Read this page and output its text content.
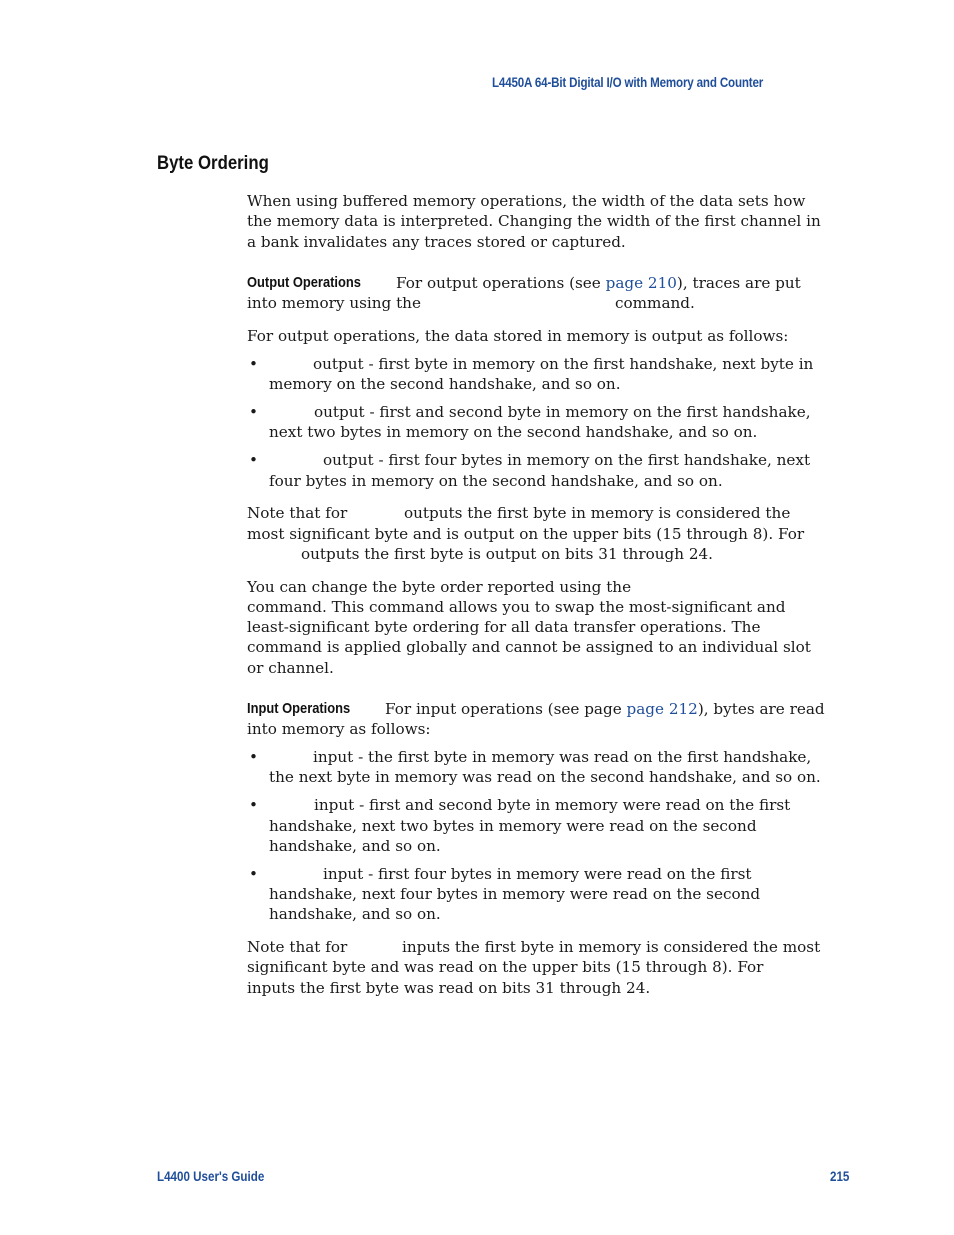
L4450A 64-Bit Digital I/O with Memory and Counter
Byte Ordering
When using buffered memory operations, the width of the data sets how
the memory data is interpreted. Changing the width of the first channel in
a bank invalidates any traces stored or captured.
Output Operations For output operations (see page 210), traces are put
into memory using the	command.
For output operations, the data stored in memory is output as follows:
•	output - first byte in memory on the first handshake, next byte in
memory on the second handshake, and so on.
•	output - first and second byte in memory on the first handshake,
next two bytes in memory on the second handshake, and so on.
•	output - first four bytes in memory on the first handshake, next
four bytes in memory on the second handshake, and so on.
Note that for	outputs the first byte in memory is considered the
most significant byte and is output on the upper bits (15 through 8). For
outputs the first byte is output on bits 31 through 24.
You can change the byte order reported using the
command. This command allows you to swap the most-significant and
least-significant byte ordering for all data transfer operations. The
command is applied globally and cannot be assigned to an individual slot
or channel.
Input Operations For input operations (see page page 212), bytes are read
into memory as follows:
•	input - the first byte in memory was read on the first handshake,
the next byte in memory was read on the second handshake, and so on.
•	input - first and second byte in memory were read on the first
handshake, next two bytes in memory were read on the second
handshake, and so on.
•	input - first four bytes in memory were read on the first
handshake, next four bytes in memory were read on the second
handshake, and so on.
Note that for	inputs the first byte in memory is considered the most
significant byte and was read on the upper bits (15 through 8). For
inputs the first byte was read on bits 31 through 24.
L4400 User's Guide	215
